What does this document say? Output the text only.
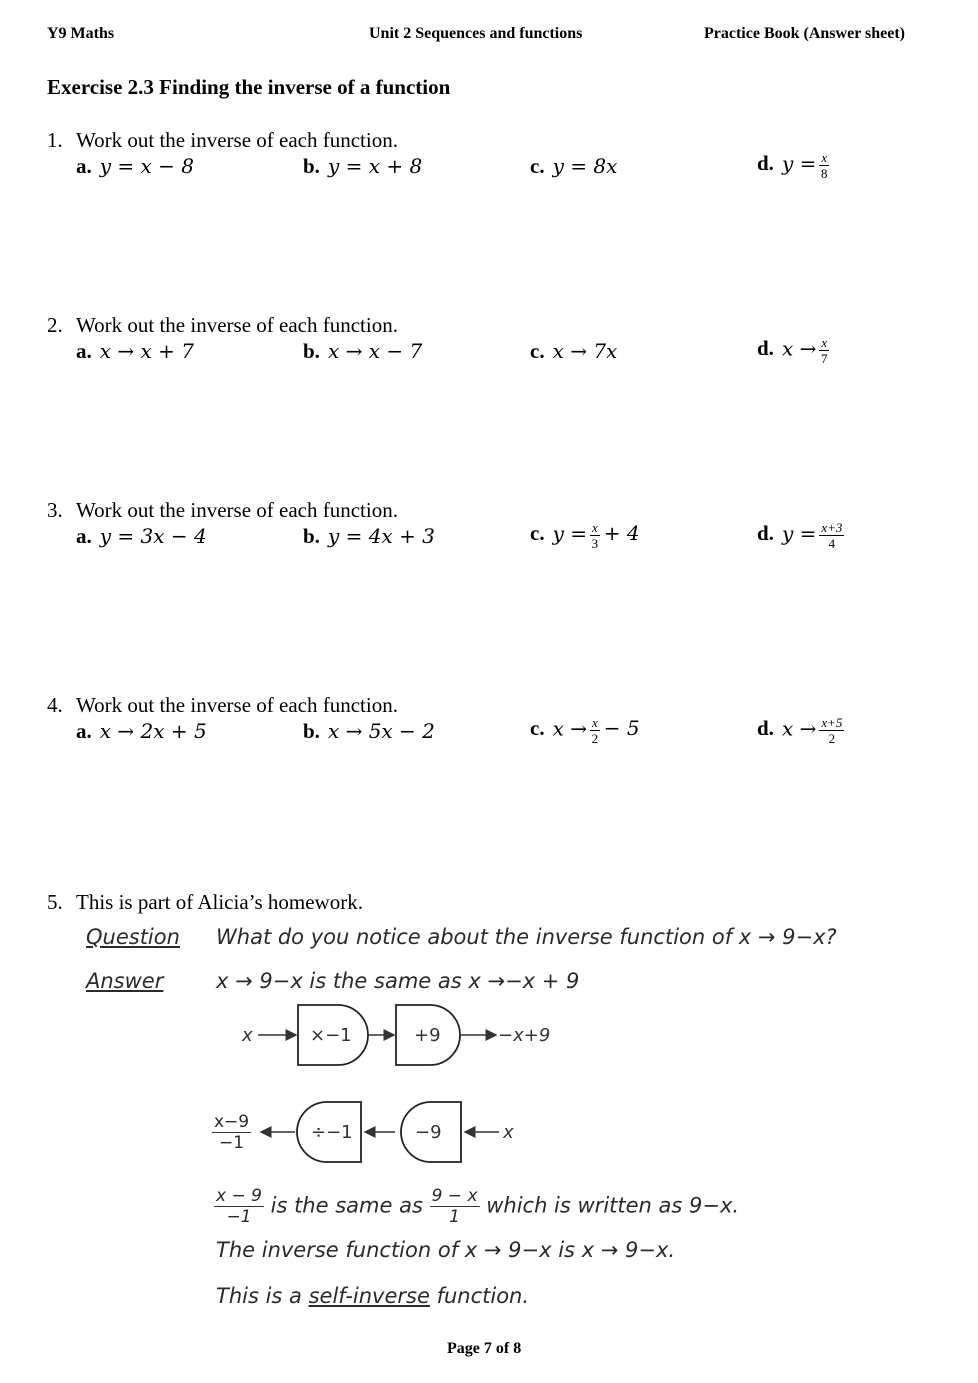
Y9 Maths	Unit 2 Sequences and functions	Practice Book (Answer sheet)
Exercise 2.3 Finding the inverse of a function
1. Work out the inverse of each function.
a. y = x − 8	b. y = x + 8	c. y = 8x	d. $y = \frac{x}{8}$
2. Work out the inverse of each function.
a. x → x + 7	b. x → x − 7	c. x → 7x	d. $x \to \frac{x}{7}$
3. Work out the inverse of each function.
a. y = 3x − 4	b. y = 4x + 3	c. $y = \frac{x}{3} + 4$	d. $y = \frac{x+3}{4}$
4. Work out the inverse of each function.
a. x → 2x + 5	b. x → 5x − 2	c. $x \to \frac{x}{2} - 5$	d. $x \to \frac{x+5}{2}$
5. This is part of Alicia’s homework.
Question What do you notice about the inverse function of x → 9−x?
Answer	x → 9−x is the same as x →−x + 9
x	×−1	+9	−x+9
$\frac{x-9}{-1}$	÷−1	−9	x
$\frac{x - 9}{-1}$ is the same as $\frac{9 - x}{1}$ which is written as 9−x.
The inverse function of x → 9−x is x → 9−x.
This is a self-inverse function.
Page 7 of 8
